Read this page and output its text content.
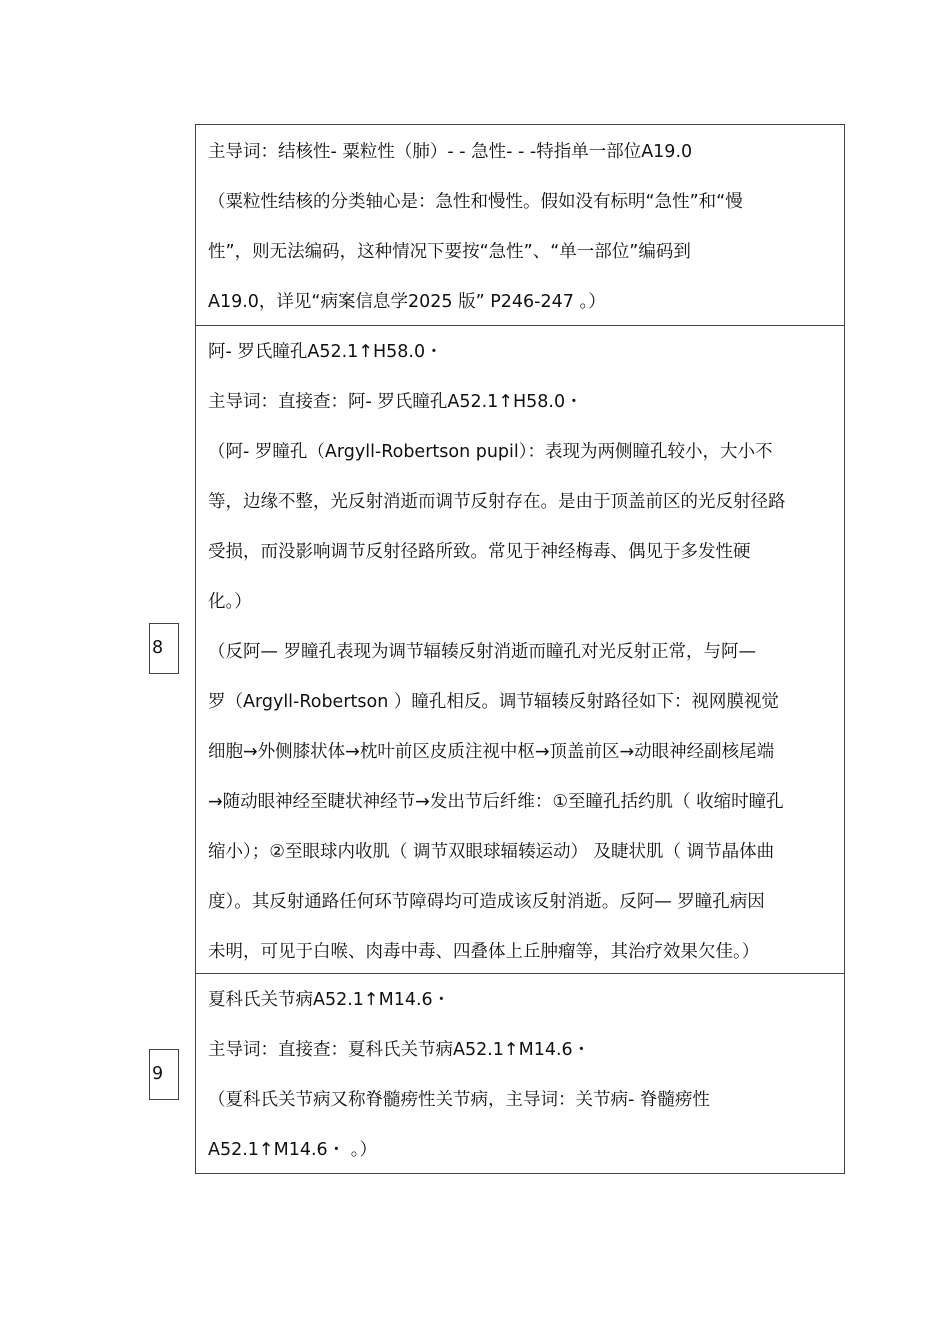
主导词：结核性- 粟粒性（肺）- - 急性- - -特指单一部位A19.0
（粟粒性结核的分类轴心是：急性和慢性。假如没有标明“急性”和“慢
性”，则无法编码，这种情况下要按“急性”、“单一部位”编码到
A19.0，详见“病案信息学2025 版” P246-247 。）
8
阿- 罗氏瞳孔A52.1↑H58.0・
主导词：直接查：阿- 罗氏瞳孔A52.1↑H58.0・
（阿- 罗瞳孔（Argyll-Robertson pupil）：表现为两侧瞳孔较小，大小不
等，边缘不整，光反射消逝而调节反射存在。是由于顶盖前区的光反射径路
受损，而没影响调节反射径路所致。常见于神经梅毒、偶见于多发性硬
化。）
（反阿— 罗瞳孔表现为调节辐辏反射消逝而瞳孔对光反射正常，与阿—
罗（Argyll-Robertson ）瞳孔相反。调节辐辏反射路径如下：视网膜视觉
细胞→外侧膝状体→枕叶前区皮质注视中枢→顶盖前区→动眼神经副核尾端
→随动眼神经至睫状神经节→发出节后纤维：①至瞳孔括约肌（ 收缩时瞳孔
缩小）；②至眼球内收肌（ 调节双眼球辐辏运动） 及睫状肌（ 调节晶体曲
度）。其反射通路任何环节障碍均可造成该反射消逝。反阿— 罗瞳孔病因
未明，可见于白喉、肉毒中毒、四叠体上丘肿瘤等，其治疗效果欠佳。）
9
夏科氏关节病A52.1↑M14.6・
主导词：直接查：夏科氏关节病A52.1↑M14.6・
（夏科氏关节病又称脊髓痨性关节病，主导词：关节病- 脊髓痨性
A52.1↑M14.6・ 。）
